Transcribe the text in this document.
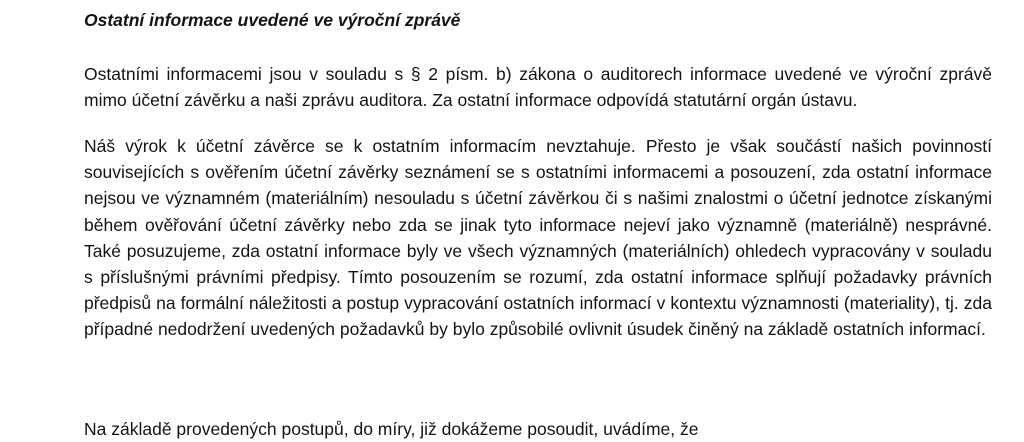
Ostatní informace uvedené ve výroční zprávě

Ostatními informacemi jsou v souladu s § 2 písm. b) zákona o auditorech informace uvedené ve výroční zprávě mimo účetní závěrku a naši zprávu auditora. Za ostatní informace odpovídá statutární orgán ústavu.

Náš výrok k účetní závěrce se k ostatním informacím nevztahuje. Přesto je však součástí našich povinností souvisejících s ověřením účetní závěrky seznámení se s ostatními informacemi a posouzení, zda ostatní informace nejsou ve významném (materiálním) nesouladu s účetní závěrkou či s našimi znalostmi o účetní jednotce získanými během ověřování účetní závěrky nebo zda se jinak tyto informace nejeví jako významně (materiálně) nesprávné. Také posuzujeme, zda ostatní informace byly ve všech významných (materiálních) ohledech vypracovány v souladu s příslušnými právními předpisy. Tímto posouzením se rozumí, zda ostatní informace splňují požadavky právních předpisů na formální náležitosti a postup vypracování ostatních informací v kontextu významnosti (materiality), tj. zda případné nedodržení uvedených požadavků by bylo způsobilé ovlivnit úsudek činěný na základě ostatních informací.

Na základě provedených postupů, do míry, již dokážeme posoudit, uvádíme, že
